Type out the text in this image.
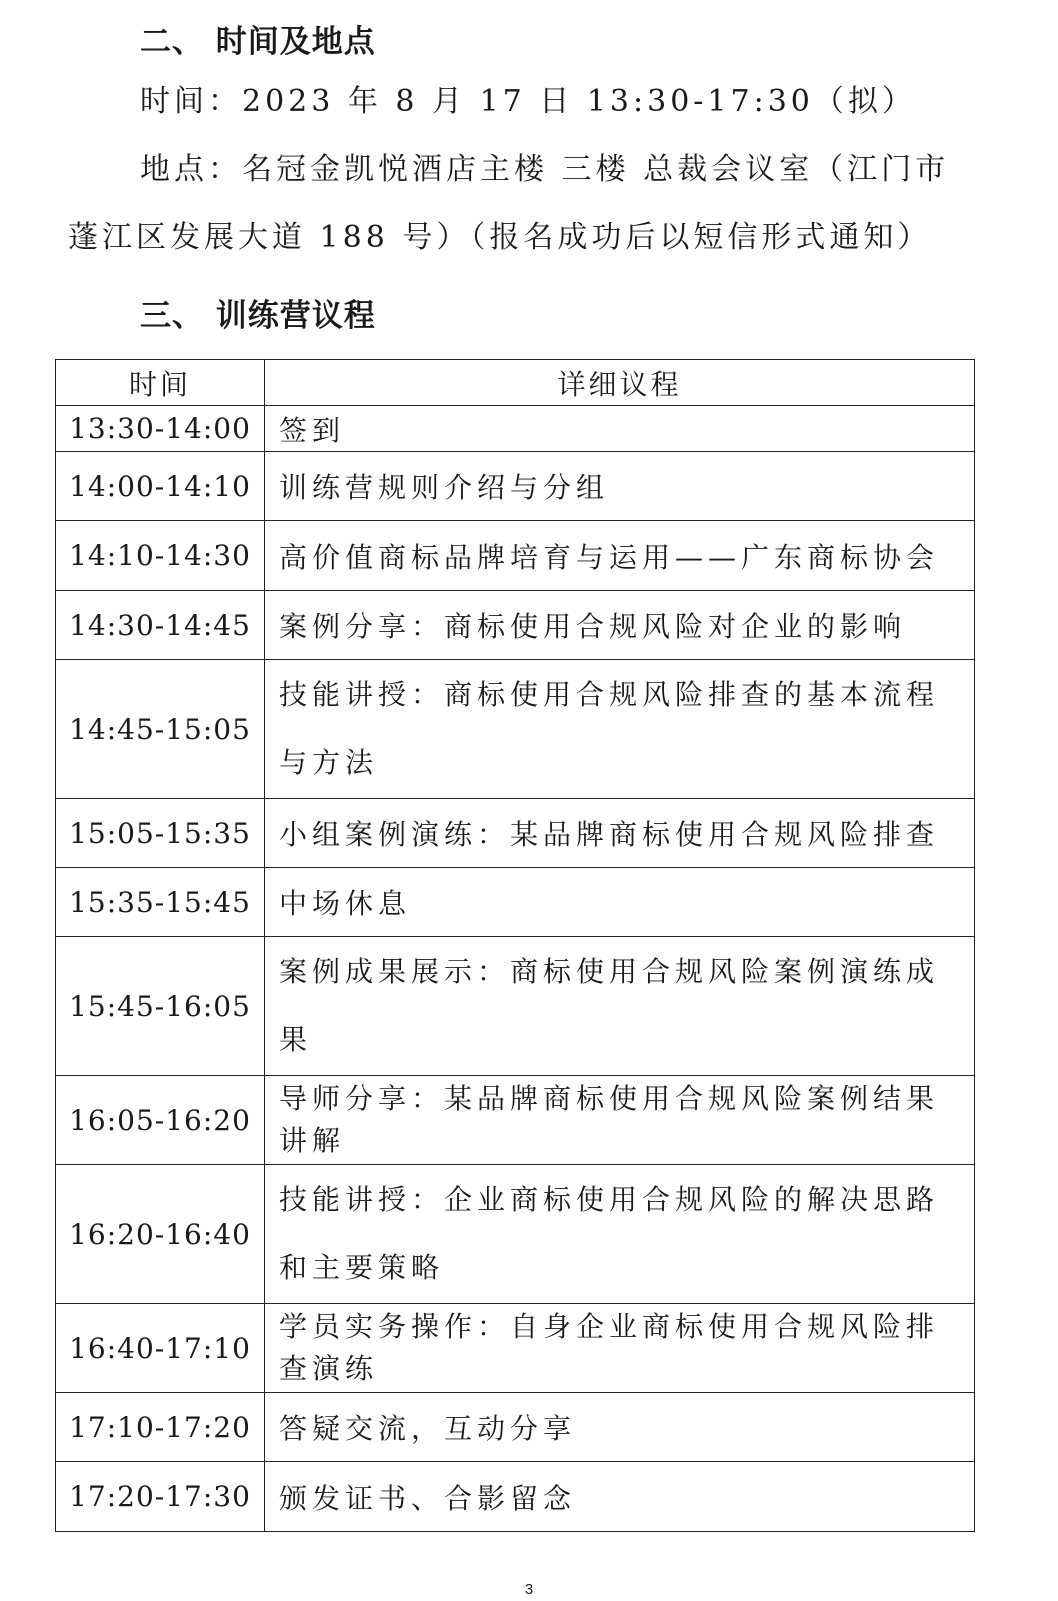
二、 时间及地点
时间：2023 年 8 月 17 日 13:30-17:30（拟）
地点：名冠金凯悦酒店主楼 三楼 总裁会议室（江门市
蓬江区发展大道 188 号）（报名成功后以短信形式通知）
三、 训练营议程
时间	详细议程
13:30-14:00	签到
14:00-14:10	训练营规则介绍与分组
14:10-14:30	高价值商标品牌培育与运用——广东商标协会
14:30-14:45	案例分享：商标使用合规风险对企业的影响
14:45-15:05	技能讲授：商标使用合规风险排查的基本流程与方法

15:05-15:35	小组案例演练：某品牌商标使用合规风险排查
15:35-15:45	中场休息
15:45-16:05	案例成果展示：商标使用合规风险案例演练成果

16:05-16:20	导师分享：某品牌商标使用合规风险案例结果讲解

16:20-16:40	技能讲授：企业商标使用合规风险的解决思路和主要策略

16:40-17:10	学员实务操作：自身企业商标使用合规风险排查演练

17:10-17:20	答疑交流，互动分享
17:20-17:30	颁发证书、合影留念
3
